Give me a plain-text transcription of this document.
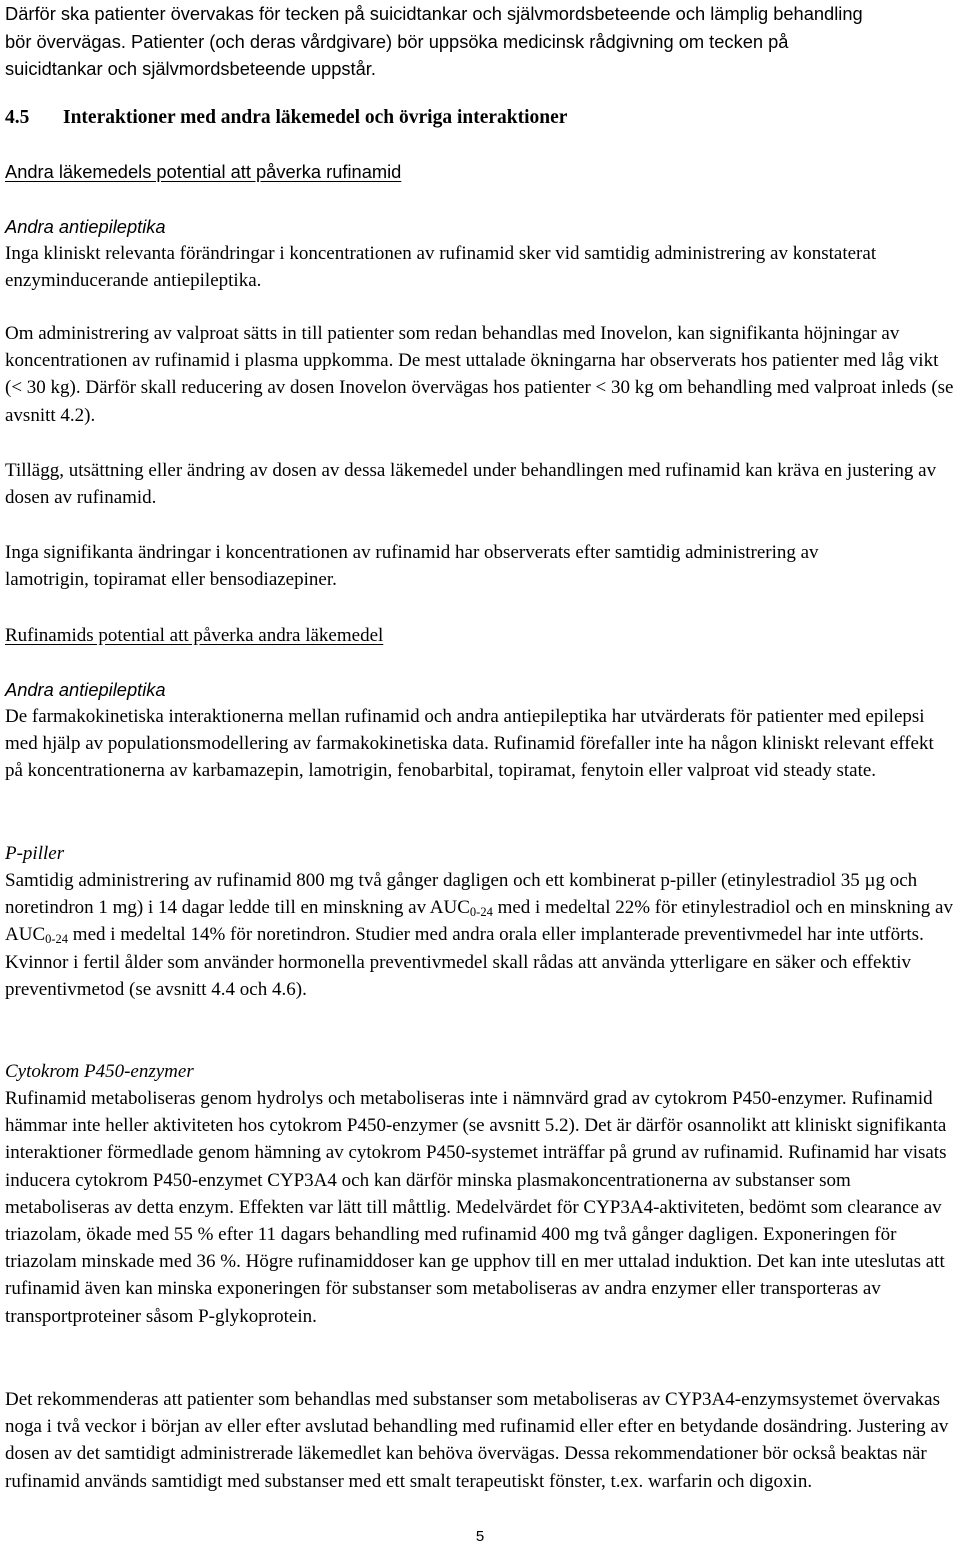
Därför ska patienter övervakas för tecken på suicidtankar och självmordsbeteende och lämplig behandling bör övervägas. Patienter (och deras vårdgivare) bör uppsöka medicinsk rådgivning om tecken på suicidtankar och självmordsbeteende uppstår.

4.5 Interaktioner med andra läkemedel och övriga interaktioner

Andra läkemedels potential att påverka rufinamid

Andra antiepileptika

Inga kliniskt relevanta förändringar i koncentrationen av rufinamid sker vid samtidig administrering av konstaterat enzyminducerande antiepileptika.

Om administrering av valproat sätts in till patienter som redan behandlas med Inovelon, kan signifikanta höjningar av koncentrationen av rufinamid i plasma uppkomma. De mest uttalade ökningarna har observerats hos patienter med låg vikt (< 30 kg). Därför skall reducering av dosen Inovelon övervägas hos patienter < 30 kg om behandling med valproat inleds (se avsnitt 4.2).

Tillägg, utsättning eller ändring av dosen av dessa läkemedel under behandlingen med rufinamid kan kräva en justering av dosen av rufinamid.

Inga signifikanta ändringar i koncentrationen av rufinamid har observerats efter samtidig administrering av lamotrigin, topiramat eller bensodiazepiner.

Rufinamids potential att påverka andra läkemedel

Andra antiepileptika

De farmakokinetiska interaktionerna mellan rufinamid och andra antiepileptika har utvärderats för patienter med epilepsi med hjälp av populationsmodellering av farmakokinetiska data. Rufinamid förefaller inte ha någon kliniskt relevant effekt på koncentrationerna av karbamazepin, lamotrigin, fenobarbital, topiramat, fenytoin eller valproat vid steady state.

P-piller

Samtidig administrering av rufinamid 800 mg två gånger dagligen och ett kombinerat p-piller (etinylestradiol 35 µg och noretindron 1 mg) i 14 dagar ledde till en minskning av $AUC_{0-24}$ med i medeltal 22% för etinylestradiol och en minskning av $AUC_{0-24}$ med i medeltal 14% för noretindron. Studier med andra orala eller implanterade preventivmedel har inte utförts. Kvinnor i fertil ålder som använder hormonella preventivmedel skall rådas att använda ytterligare en säker och effektiv preventivmetod (se avsnitt 4.4 och 4.6).

Cytokrom P450-enzymer

Rufinamid metaboliseras genom hydrolys och metaboliseras inte i nämnvärd grad av cytokrom P450-enzymer. Rufinamid hämmar inte heller aktiviteten hos cytokrom P450-enzymer (se avsnitt 5.2). Det är därför osannolikt att kliniskt signifikanta interaktioner förmedlade genom hämning av cytokrom P450-systemet inträffar på grund av rufinamid. Rufinamid har visats inducera cytokrom P450-enzymet CYP3A4 och kan därför minska plasmakoncentrationerna av substanser som metaboliseras av detta enzym. Effekten var lätt till måttlig. Medelvärdet för CYP3A4-aktiviteten, bedömt som clearance av triazolam, ökade med 55 % efter 11 dagars behandling med rufinamid 400 mg två gånger dagligen. Exponeringen för triazolam minskade med 36 %. Högre rufinamiddoser kan ge upphov till en mer uttalad induktion. Det kan inte uteslutas att rufinamid även kan minska exponeringen för substanser som metaboliseras av andra enzymer eller transporteras av transportproteiner såsom P-glykoprotein.

Det rekommenderas att patienter som behandlas med substanser som metaboliseras av CYP3A4-enzymsystemet övervakas noga i två veckor i början av eller efter avslutad behandling med rufinamid eller efter en betydande dosändring. Justering av dosen av det samtidigt administrerade läkemedlet kan behöva övervägas. Dessa rekommendationer bör också beaktas när rufinamid används samtidigt med substanser med ett smalt terapeutiskt fönster, t.ex. warfarin och digoxin.

5
